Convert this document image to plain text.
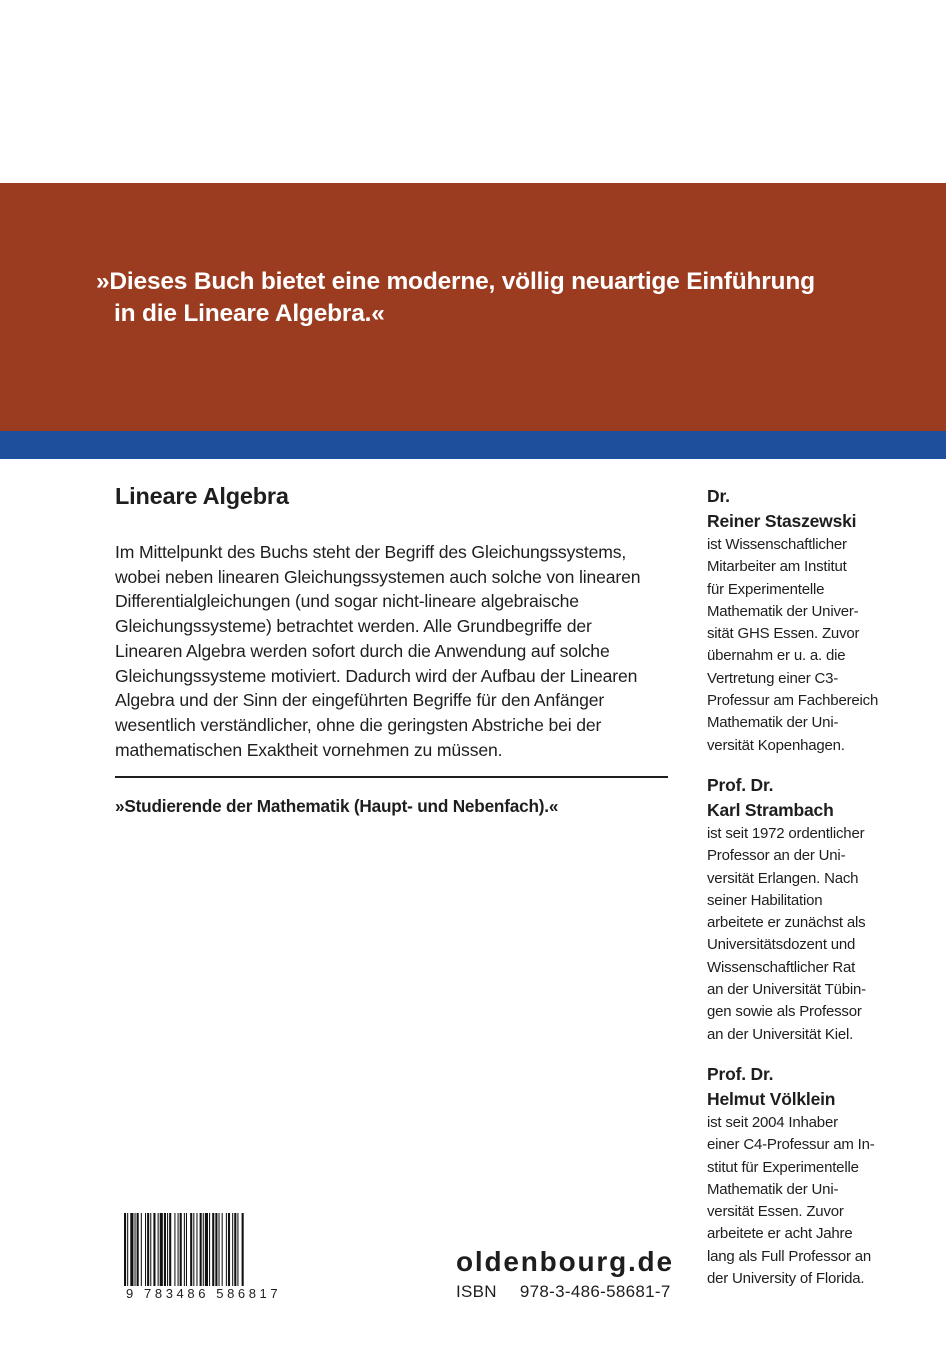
»Dieses Buch bietet eine moderne, völlig neuartige Einführung
in die Lineare Algebra.«
Lineare Algebra
Im Mittelpunkt des Buchs steht der Begriff des Gleichungssystems,
wobei neben linearen Gleichungssystemen auch solche von linearen
Differentialgleichungen (und sogar nicht-lineare algebraische
Gleichungssysteme) betrachtet werden. Alle Grundbegriffe der
Linearen Algebra werden sofort durch die Anwendung auf solche
Gleichungssysteme motiviert. Dadurch wird der Aufbau der Linearen
Algebra und der Sinn der eingeführten Begriffe für den Anfänger
wesentlich verständlicher, ohne die geringsten Abstriche bei der
mathematischen Exaktheit vornehmen zu müssen.
»Studierende der Mathematik (Haupt- und Nebenfach).«
Dr.
Reiner Staszewski
ist Wissenschaftlicher
Mitarbeiter am Institut
für Experimentelle
Mathematik der Univer-
sität GHS Essen. Zuvor
übernahm er u. a. die
Vertretung einer C3-
Professur am Fachbereich
Mathematik der Uni-
versität Kopenhagen.
Prof. Dr.
Karl Strambach
ist seit 1972 ordentlicher
Professor an der Uni-
versität Erlangen. Nach
seiner Habilitation
arbeitete er zunächst als
Universitätsdozent und
Wissenschaftlicher Rat
an der Universität Tübin-
gen sowie als Professor
an der Universität Kiel.
Prof. Dr.
Helmut Völklein
ist seit 2004 Inhaber
einer C4-Professur am In-
stitut für Experimentelle
Mathematik der Uni-
versität Essen. Zuvor
arbeitete er acht Jahre
lang als Full Professor an
der University of Florida.
9 783486 586817
oldenbourg.de
ISBN 978-3-486-58681-7
